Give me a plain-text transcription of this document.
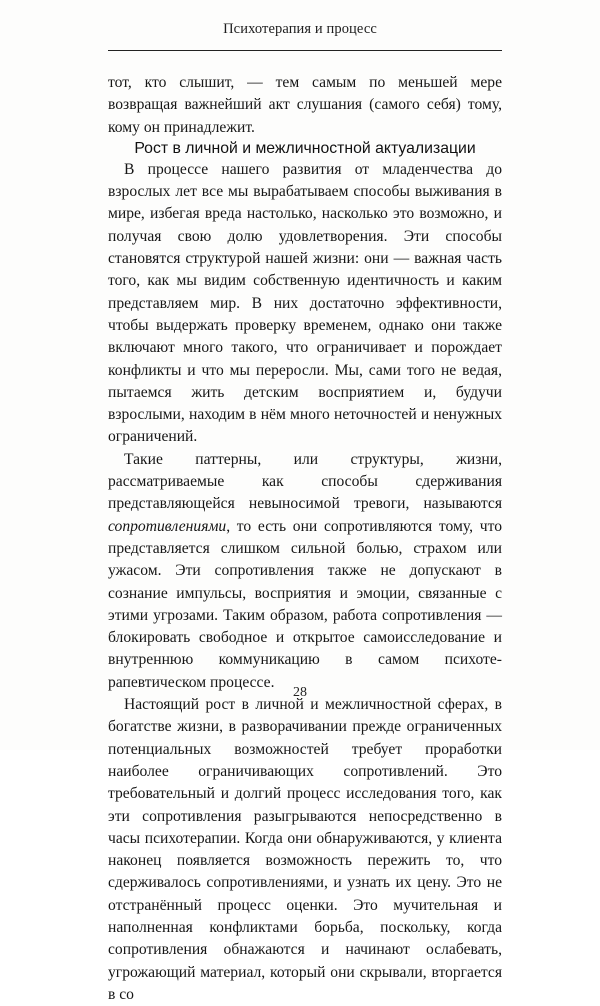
Психотерапия и процесс

тот, кто слышит, — тем самым по меньшей мере возвращая важнейший акт слушания (самого себя) тому, кому он принадлежит.

Рост в личной и межличностной актуализации

В процессе нашего развития от младенчества до взрослых лет все мы вырабатываем способы выживания в мире, избегая вреда настолько, насколько это возможно, и получая свою долю удовлетворения. Эти способы становятся структурой нашей жизни: они — важная часть того, как мы видим собственную идентичность и каким представляем мир. В них достаточно эффективности, чтобы выдержать проверку временем, однако они также включают много такого, что ограничивает и порождает конфликты и что мы переросли. Мы, сами того не ведая, пытаемся жить детским восприятием и, будучи взрослыми, находим в нём много неточностей и ненужных ограничений.

Такие паттерны, или структуры, жизни, рассматриваемые как способы сдерживания представляющейся невыносимой тревоги, называются сопротивлениями, то есть они сопротивляются тому, что представляется слишком сильной болью, страхом или ужасом. Эти сопротивления также не допускают в сознание импульсы, восприятия и эмоции, связанные с этими угрозами. Таким образом, работа сопротивления — блокировать свободное и открытое самоисследование и внутреннюю коммуникацию в самом психотерапевтическом процессе.

Настоящий рост в личной и межличностной сферах, в богатстве жизни, в разворачивании прежде ограниченных потенциальных возможностей требует проработки наиболее ограничивающих сопротивлений. Это требовательный и долгий процесс исследования того, как эти сопротивления разыгрываются непосредственно в часы психотерапии. Когда они обнаруживаются, у клиента наконец появляется возможность пережить то, что сдерживалось сопротивлениями, и узнать их цену. Это не отстранённый процесс оценки. Это мучительная и наполненная конфликтами борьба, поскольку, когда сопротивления обнажаются и начинают ослабевать, угрожающий материал, который они скрывали, вторгается в со

28
